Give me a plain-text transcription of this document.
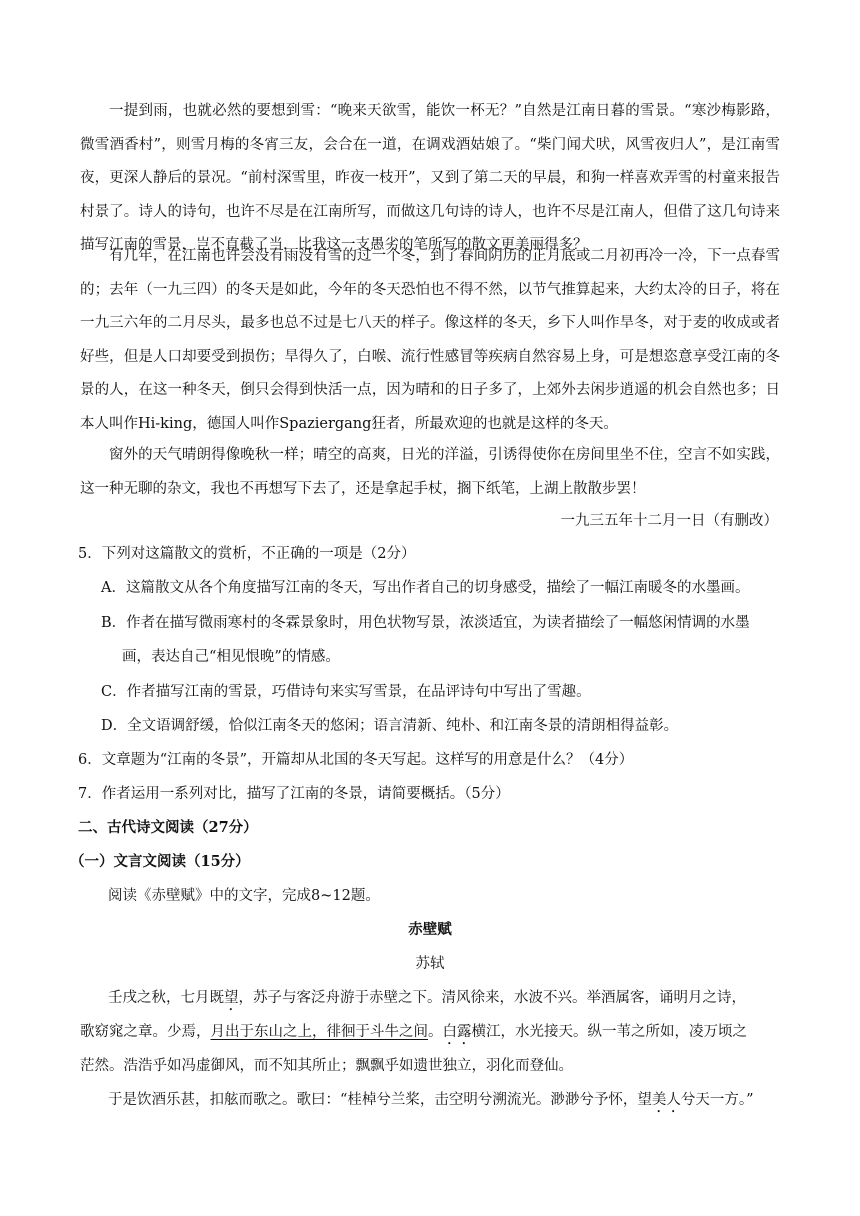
一提到雨，也就必然的要想到雪：“晚来天欲雪，能饮一杯无？”自然是江南日暮的雪景。“寒沙梅影路，微雪酒香村”，则雪月梅的冬宵三友，会合在一道，在调戏酒姑娘了。“柴门闻犬吠，风雪夜归人”，是江南雪夜，更深人静后的景况。“前村深雪里，昨夜一枝开”，又到了第二天的早晨，和狗一样喜欢弄雪的村童来报告村景了。诗人的诗句，也许不尽是在江南所写，而做这几句诗的诗人，也许不尽是江南人，但借了这几句诗来描写江南的雪景，岂不直截了当，比我这一支愚劣的笔所写的散文更美丽得多？

有几年，在江南也许会没有雨没有雪的过一个冬，到了春间阴历的正月底或二月初再冷一冷，下一点春雪的；去年（一九三四）的冬天是如此，今年的冬天恐怕也不得不然，以节气推算起来，大约太冷的日子，将在一九三六年的二月尽头，最多也总不过是七八天的样子。像这样的冬天，乡下人叫作旱冬，对于麦的收成或者好些，但是人口却要受到损伤；旱得久了，白喉、流行性感冒等疾病自然容易上身，可是想恣意享受江南的冬景的人，在这一种冬天，倒只会得到快活一点，因为晴和的日子多了，上郊外去闲步逍遥的机会自然也多；日本人叫作Hi-king，德国人叫作Spaziergang狂者，所最欢迎的也就是这样的冬天。

窗外的天气晴朗得像晚秋一样；晴空的高爽，日光的洋溢，引诱得使你在房间里坐不住，空言不如实践，这一种无聊的杂文，我也不再想写下去了，还是拿起手杖，搁下纸笔，上湖上散散步罢！

一九三五年十二月一日（有删改）
5．下列对这篇散文的赏析，不正确的一项是（2分）
A．这篇散文从各个角度描写江南的冬天，写出作者自己的切身感受，描绘了一幅江南暖冬的水墨画。
B．作者在描写微雨寒村的冬霖景象时，用色状物写景，浓淡适宜，为读者描绘了一幅悠闲情调的水墨
画，表达自己“相见恨晚”的情感。
C．作者描写江南的雪景，巧借诗句来实写雪景，在品评诗句中写出了雪趣。
D．全文语调舒缓，恰似江南冬天的悠闲；语言清新、纯朴、和江南冬景的清朗相得益彰。
6．文章题为“江南的冬景”，开篇却从北国的冬天写起。这样写的用意是什么？（4分）
7．作者运用一系列对比，描写了江南的冬景，请简要概括。（5分）
二、古代诗文阅读（27分）
（一）文言文阅读（15分）
阅读《赤壁赋》中的文字，完成8~12题。
赤壁赋
苏轼
壬戌之秋，七月既望，苏子与客泛舟游于赤壁之下。清风徐来，水波不兴。举酒属客，诵明月之诗，
歌窈窕之章。少焉，月出于东山之上，徘徊于斗牛之间。白露横江，水光接天。纵一苇之所如，凌万顷之
茫然。浩浩乎如冯虚御风，而不知其所止；飘飘乎如遗世独立，羽化而登仙。
于是饮酒乐甚，扣舷而歌之。歌曰：“桂棹兮兰桨，击空明兮溯流光。渺渺兮予怀，望美人兮天一方。”
